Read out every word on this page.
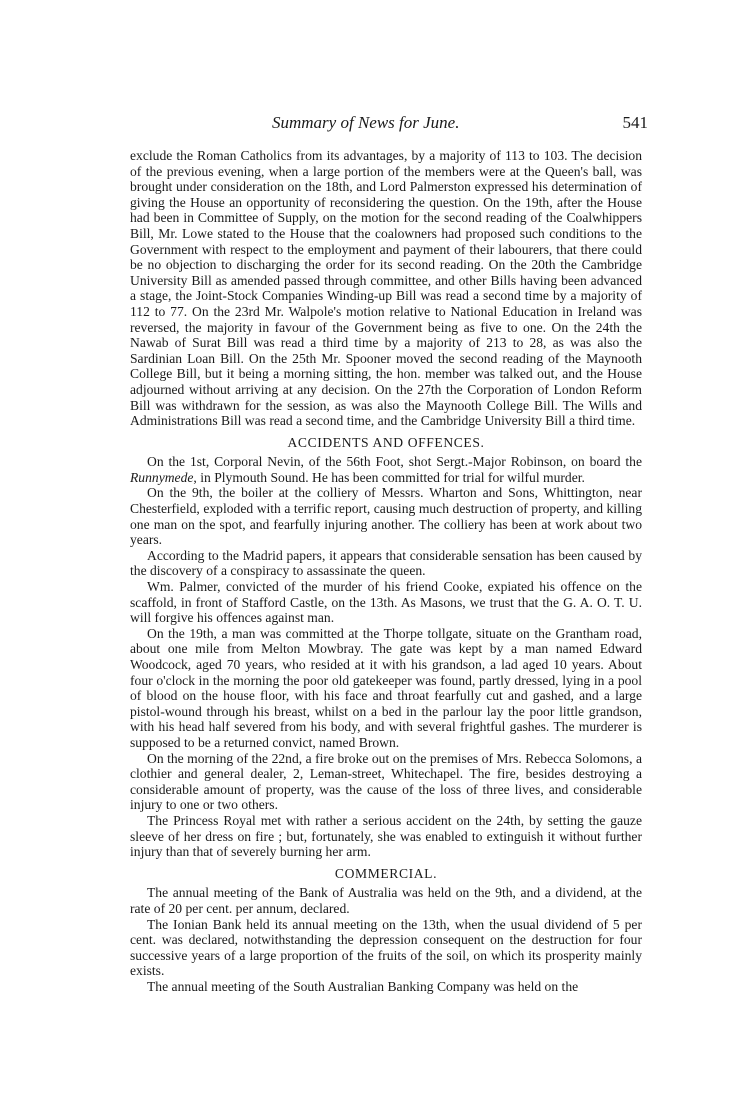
Summary of News for June.	541

exclude the Roman Catholics from its advantages, by a majority of 113 to 103. The decision of the previous evening, when a large portion of the members were at the Queen's ball, was brought under consideration on the 18th, and Lord Palmerston expressed his determination of giving the House an opportunity of reconsidering the question. On the 19th, after the House had been in Committee of Supply, on the motion for the second reading of the Coalwhippers Bill, Mr. Lowe stated to the House that the coalowners had proposed such conditions to the Government with respect to the employment and payment of their labourers, that there could be no objection to discharging the order for its second reading. On the 20th the Cambridge University Bill as amended passed through committee, and other Bills having been advanced a stage, the Joint-Stock Companies Winding-up Bill was read a second time by a majority of 112 to 77. On the 23rd Mr. Walpole's motion relative to National Education in Ireland was reversed, the majority in favour of the Government being as five to one. On the 24th the Nawab of Surat Bill was read a third time by a majority of 213 to 28, as was also the Sardinian Loan Bill. On the 25th Mr. Spooner moved the second reading of the Maynooth College Bill, but it being a morning sitting, the hon. member was talked out, and the House adjourned without arriving at any decision. On the 27th the Corporation of London Reform Bill was withdrawn for the session, as was also the Maynooth College Bill. The Wills and Administrations Bill was read a second time, and the Cambridge University Bill a third time.

ACCIDENTS AND OFFENCES.

On the 1st, Corporal Nevin, of the 56th Foot, shot Sergt.-Major Robinson, on board the Runnymede, in Plymouth Sound. He has been committed for trial for wilful murder.

On the 9th, the boiler at the colliery of Messrs. Wharton and Sons, Whittington, near Chesterfield, exploded with a terrific report, causing much destruction of property, and killing one man on the spot, and fearfully injuring another. The colliery has been at work about two years.

According to the Madrid papers, it appears that considerable sensation has been caused by the discovery of a conspiracy to assassinate the queen.

Wm. Palmer, convicted of the murder of his friend Cooke, expiated his offence on the scaffold, in front of Stafford Castle, on the 13th. As Masons, we trust that the G. A. O. T. U. will forgive his offences against man.

On the 19th, a man was committed at the Thorpe tollgate, situate on the Grantham road, about one mile from Melton Mowbray. The gate was kept by a man named Edward Woodcock, aged 70 years, who resided at it with his grandson, a lad aged 10 years. About four o'clock in the morning the poor old gatekeeper was found, partly dressed, lying in a pool of blood on the house floor, with his face and throat fearfully cut and gashed, and a large pistol-wound through his breast, whilst on a bed in the parlour lay the poor little grandson, with his head half severed from his body, and with several frightful gashes. The murderer is supposed to be a returned convict, named Brown.

On the morning of the 22nd, a fire broke out on the premises of Mrs. Rebecca Solomons, a clothier and general dealer, 2, Leman-street, Whitechapel. The fire, besides destroying a considerable amount of property, was the cause of the loss of three lives, and considerable injury to one or two others.

The Princess Royal met with rather a serious accident on the 24th, by setting the gauze sleeve of her dress on fire ; but, fortunately, she was enabled to extinguish it without further injury than that of severely burning her arm.

COMMERCIAL.

The annual meeting of the Bank of Australia was held on the 9th, and a dividend, at the rate of 20 per cent. per annum, declared.

The Ionian Bank held its annual meeting on the 13th, when the usual dividend of 5 per cent. was declared, notwithstanding the depression consequent on the destruction for four successive years of a large proportion of the fruits of the soil, on which its prosperity mainly exists.

The annual meeting of the South Australian Banking Company was held on the
